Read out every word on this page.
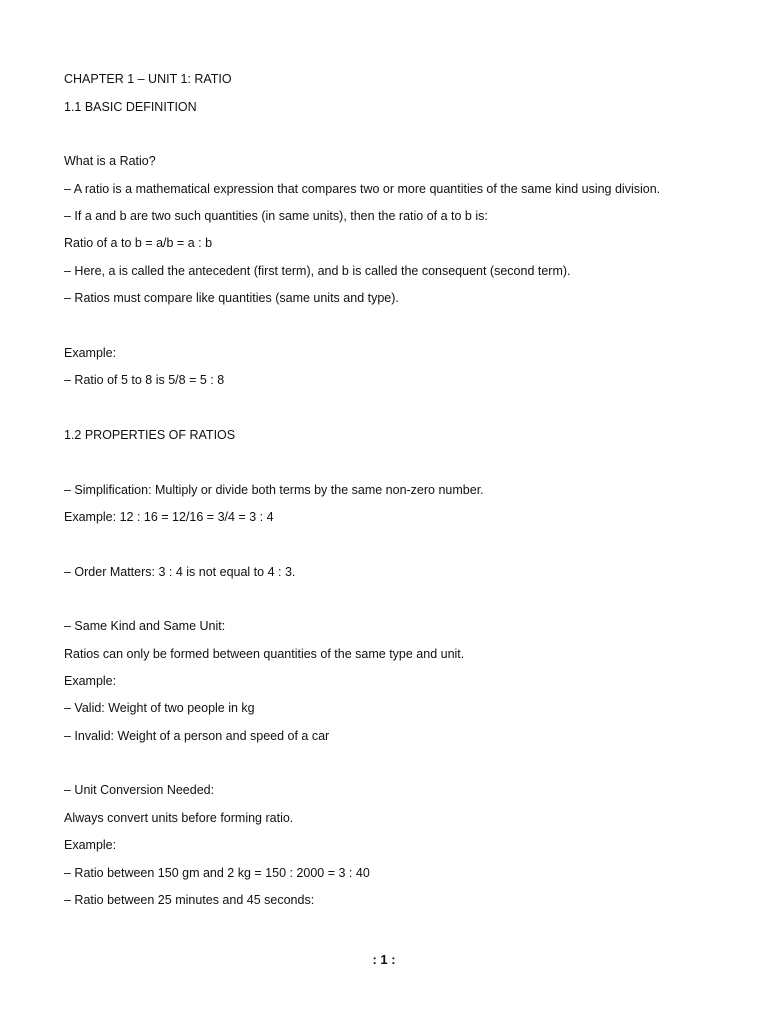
CHAPTER 1 – UNIT 1: RATIO
1.1 BASIC DEFINITION
What is a Ratio?
– A ratio is a mathematical expression that compares two or more quantities of the same kind using division.
– If a and b are two such quantities (in same units), then the ratio of a to b is:
Ratio of a to b = a/b = a : b
– Here, a is called the antecedent (first term), and b is called the consequent (second term).
– Ratios must compare like quantities (same units and type).
Example:
– Ratio of 5 to 8 is 5/8 = 5 : 8
1.2 PROPERTIES OF RATIOS
– Simplification: Multiply or divide both terms by the same non-zero number.
Example: 12 : 16 = 12/16 = 3/4 = 3 : 4
– Order Matters: 3 : 4 is not equal to 4 : 3.
– Same Kind and Same Unit:
Ratios can only be formed between quantities of the same type and unit.
Example:
– Valid: Weight of two people in kg
– Invalid: Weight of a person and speed of a car
– Unit Conversion Needed:
Always convert units before forming ratio.
Example:
– Ratio between 150 gm and 2 kg = 150 : 2000 = 3 : 40
– Ratio between 25 minutes and 45 seconds:
: 1 :
